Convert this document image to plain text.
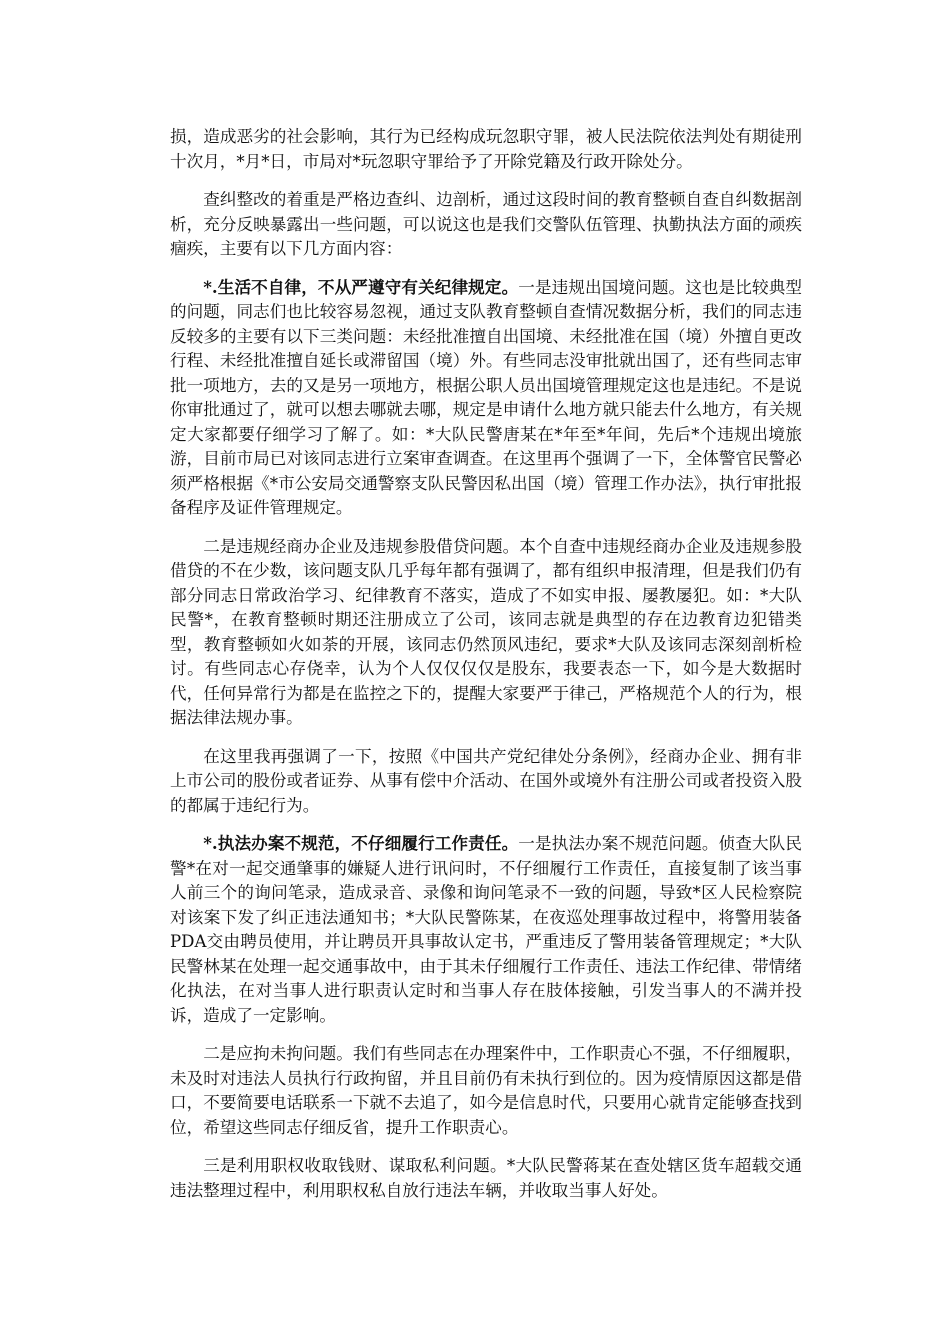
损，造成恶劣的社会影响，其行为已经构成玩忽职守罪，被人民法院依法判处有期徒刑十次月，*月*日，市局对*玩忽职守罪给予了开除党籍及行政开除处分。

查纠整改的着重是严格边查纠、边剖析，通过这段时间的教育整顿自查自纠数据剖析，充分反映暴露出一些问题，可以说这也是我们交警队伍管理、执勤执法方面的顽疾痼疾，主要有以下几方面内容：

*.生活不自律，不从严遵守有关纪律规定。一是违规出国境问题。这也是比较典型的问题，同志们也比较容易忽视，通过支队教育整顿自查情况数据分析，我们的同志违反较多的主要有以下三类问题：未经批准擅自出国境、未经批准在国（境）外擅自更改行程、未经批准擅自延长或滞留国（境）外。有些同志没审批就出国了，还有些同志审批一项地方，去的又是另一项地方，根据公职人员出国境管理规定这也是违纪。不是说你审批通过了，就可以想去哪就去哪，规定是申请什么地方就只能去什么地方，有关规定大家都要仔细学习了解了。如：*大队民警唐某在*年至*年间，先后*个违规出境旅游，目前市局已对该同志进行立案审查调查。在这里再个强调了一下，全体警官民警必须严格根据《*市公安局交通警察支队民警因私出国（境）管理工作办法》，执行审批报备程序及证件管理规定。

二是违规经商办企业及违规参股借贷问题。本个自查中违规经商办企业及违规参股借贷的不在少数，该问题支队几乎每年都有强调了，都有组织申报清理，但是我们仍有部分同志日常政治学习、纪律教育不落实，造成了不如实申报、屡教屡犯。如：*大队民警*，在教育整顿时期还注册成立了公司，该同志就是典型的存在边教育边犯错类型，教育整顿如火如荼的开展，该同志仍然顶风违纪，要求*大队及该同志深刻剖析检讨。有些同志心存侥幸，认为个人仅仅仅仅是股东，我要表态一下，如今是大数据时代，任何异常行为都是在监控之下的，提醒大家要严于律己，严格规范个人的行为，根据法律法规办事。

在这里我再强调了一下，按照《中国共产党纪律处分条例》，经商办企业、拥有非上市公司的股份或者证券、从事有偿中介活动、在国外或境外有注册公司或者投资入股的都属于违纪行为。

*.执法办案不规范，不仔细履行工作责任。一是执法办案不规范问题。侦查大队民警*在对一起交通肇事的嫌疑人进行讯问时，不仔细履行工作责任，直接复制了该当事人前三个的询问笔录，造成录音、录像和询问笔录不一致的问题，导致*区人民检察院对该案下发了纠正违法通知书；*大队民警陈某，在夜巡处理事故过程中，将警用装备PDA交由聘员使用，并让聘员开具事故认定书，严重违反了警用装备管理规定；*大队民警林某在处理一起交通事故中，由于其未仔细履行工作责任、违法工作纪律、带情绪化执法，在对当事人进行职责认定时和当事人存在肢体接触，引发当事人的不满并投诉，造成了一定影响。

二是应拘未拘问题。我们有些同志在办理案件中，工作职责心不强，不仔细履职，未及时对违法人员执行行政拘留，并且目前仍有未执行到位的。因为疫情原因这都是借口，不要简要电话联系一下就不去追了，如今是信息时代，只要用心就肯定能够查找到位，希望这些同志仔细反省，提升工作职责心。

三是利用职权收取钱财、谋取私利问题。*大队民警蒋某在查处辖区货车超载交通违法整理过程中，利用职权私自放行违法车辆，并收取当事人好处。
